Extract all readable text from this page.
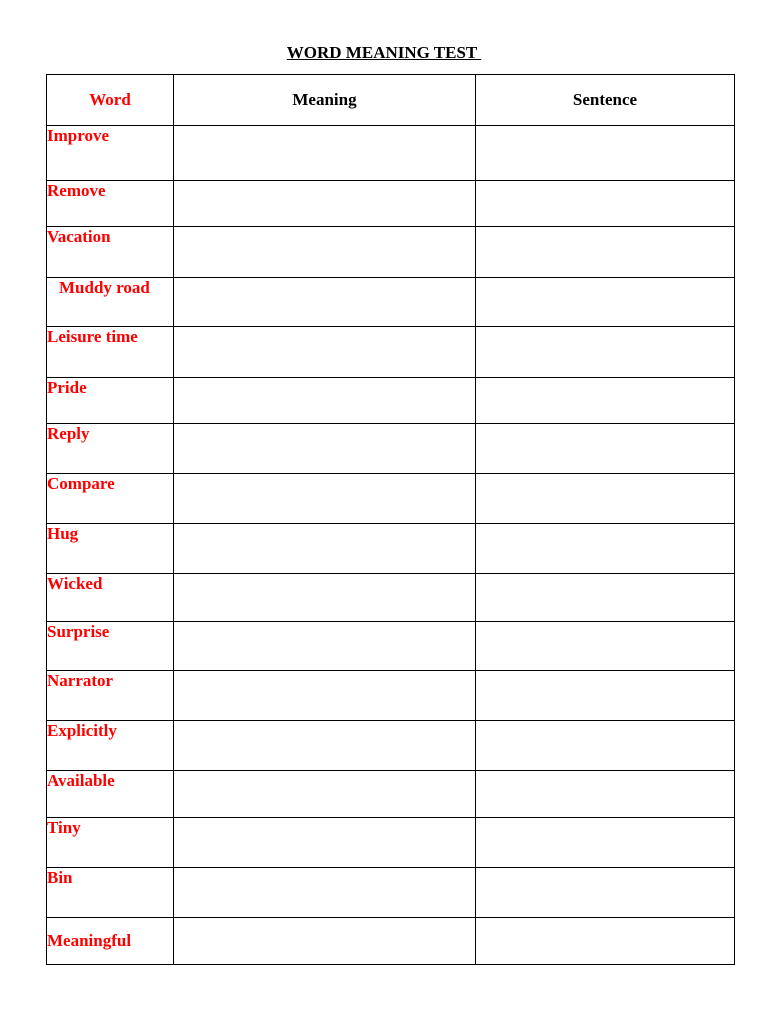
WORD MEANING TEST
Word	Meaning	Sentence
Improve		
Remove		
Vacation		
Muddy road		
Leisure time		
Pride		
Reply		
Compare		
Hug		
Wicked		
Surprise		
Narrator		
Explicitly		
Available		
Tiny		
Bin		
Meaningful		
